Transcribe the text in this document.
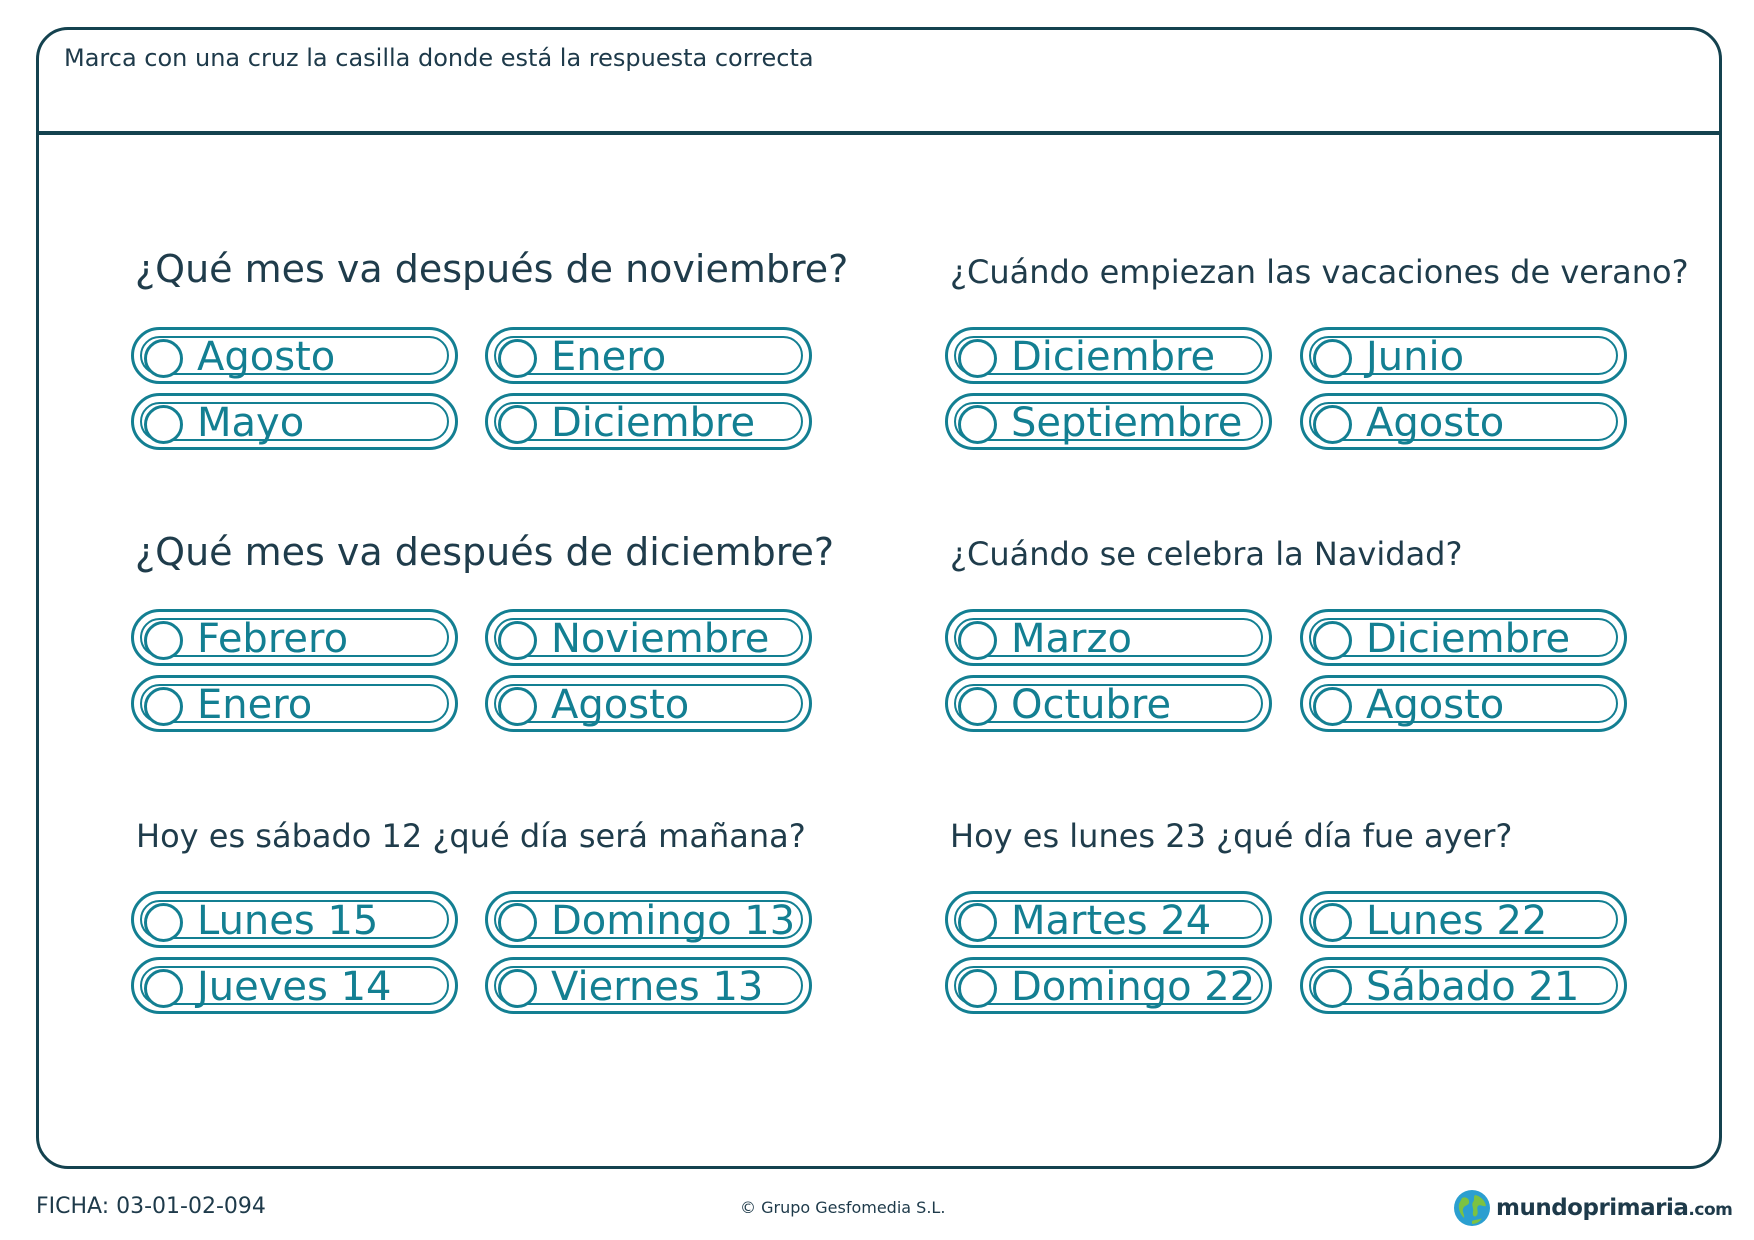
Marca con una cruz la casilla donde está la respuesta correcta
¿Qué mes va después de noviembre?
Agosto	Enero
Mayo	Diciembre
¿Cuándo empiezan las vacaciones de verano?
Diciembre	Junio
Septiembre	Agosto
¿Qué mes va después de diciembre?
Febrero	Noviembre
Enero	Agosto
¿Cuándo se celebra la Navidad?
Marzo	Diciembre
Octubre	Agosto
Hoy es sábado 12 ¿qué día será mañana?
Lunes 15	Domingo 13
Jueves 14	Viernes 13
Hoy es lunes 23 ¿qué día fue ayer?
Martes 24	Lunes 22
Domingo 22	Sábado 21
FICHA: 03-01-02-094	© Grupo Gesfomedia S.L.	mundoprimaria.com
